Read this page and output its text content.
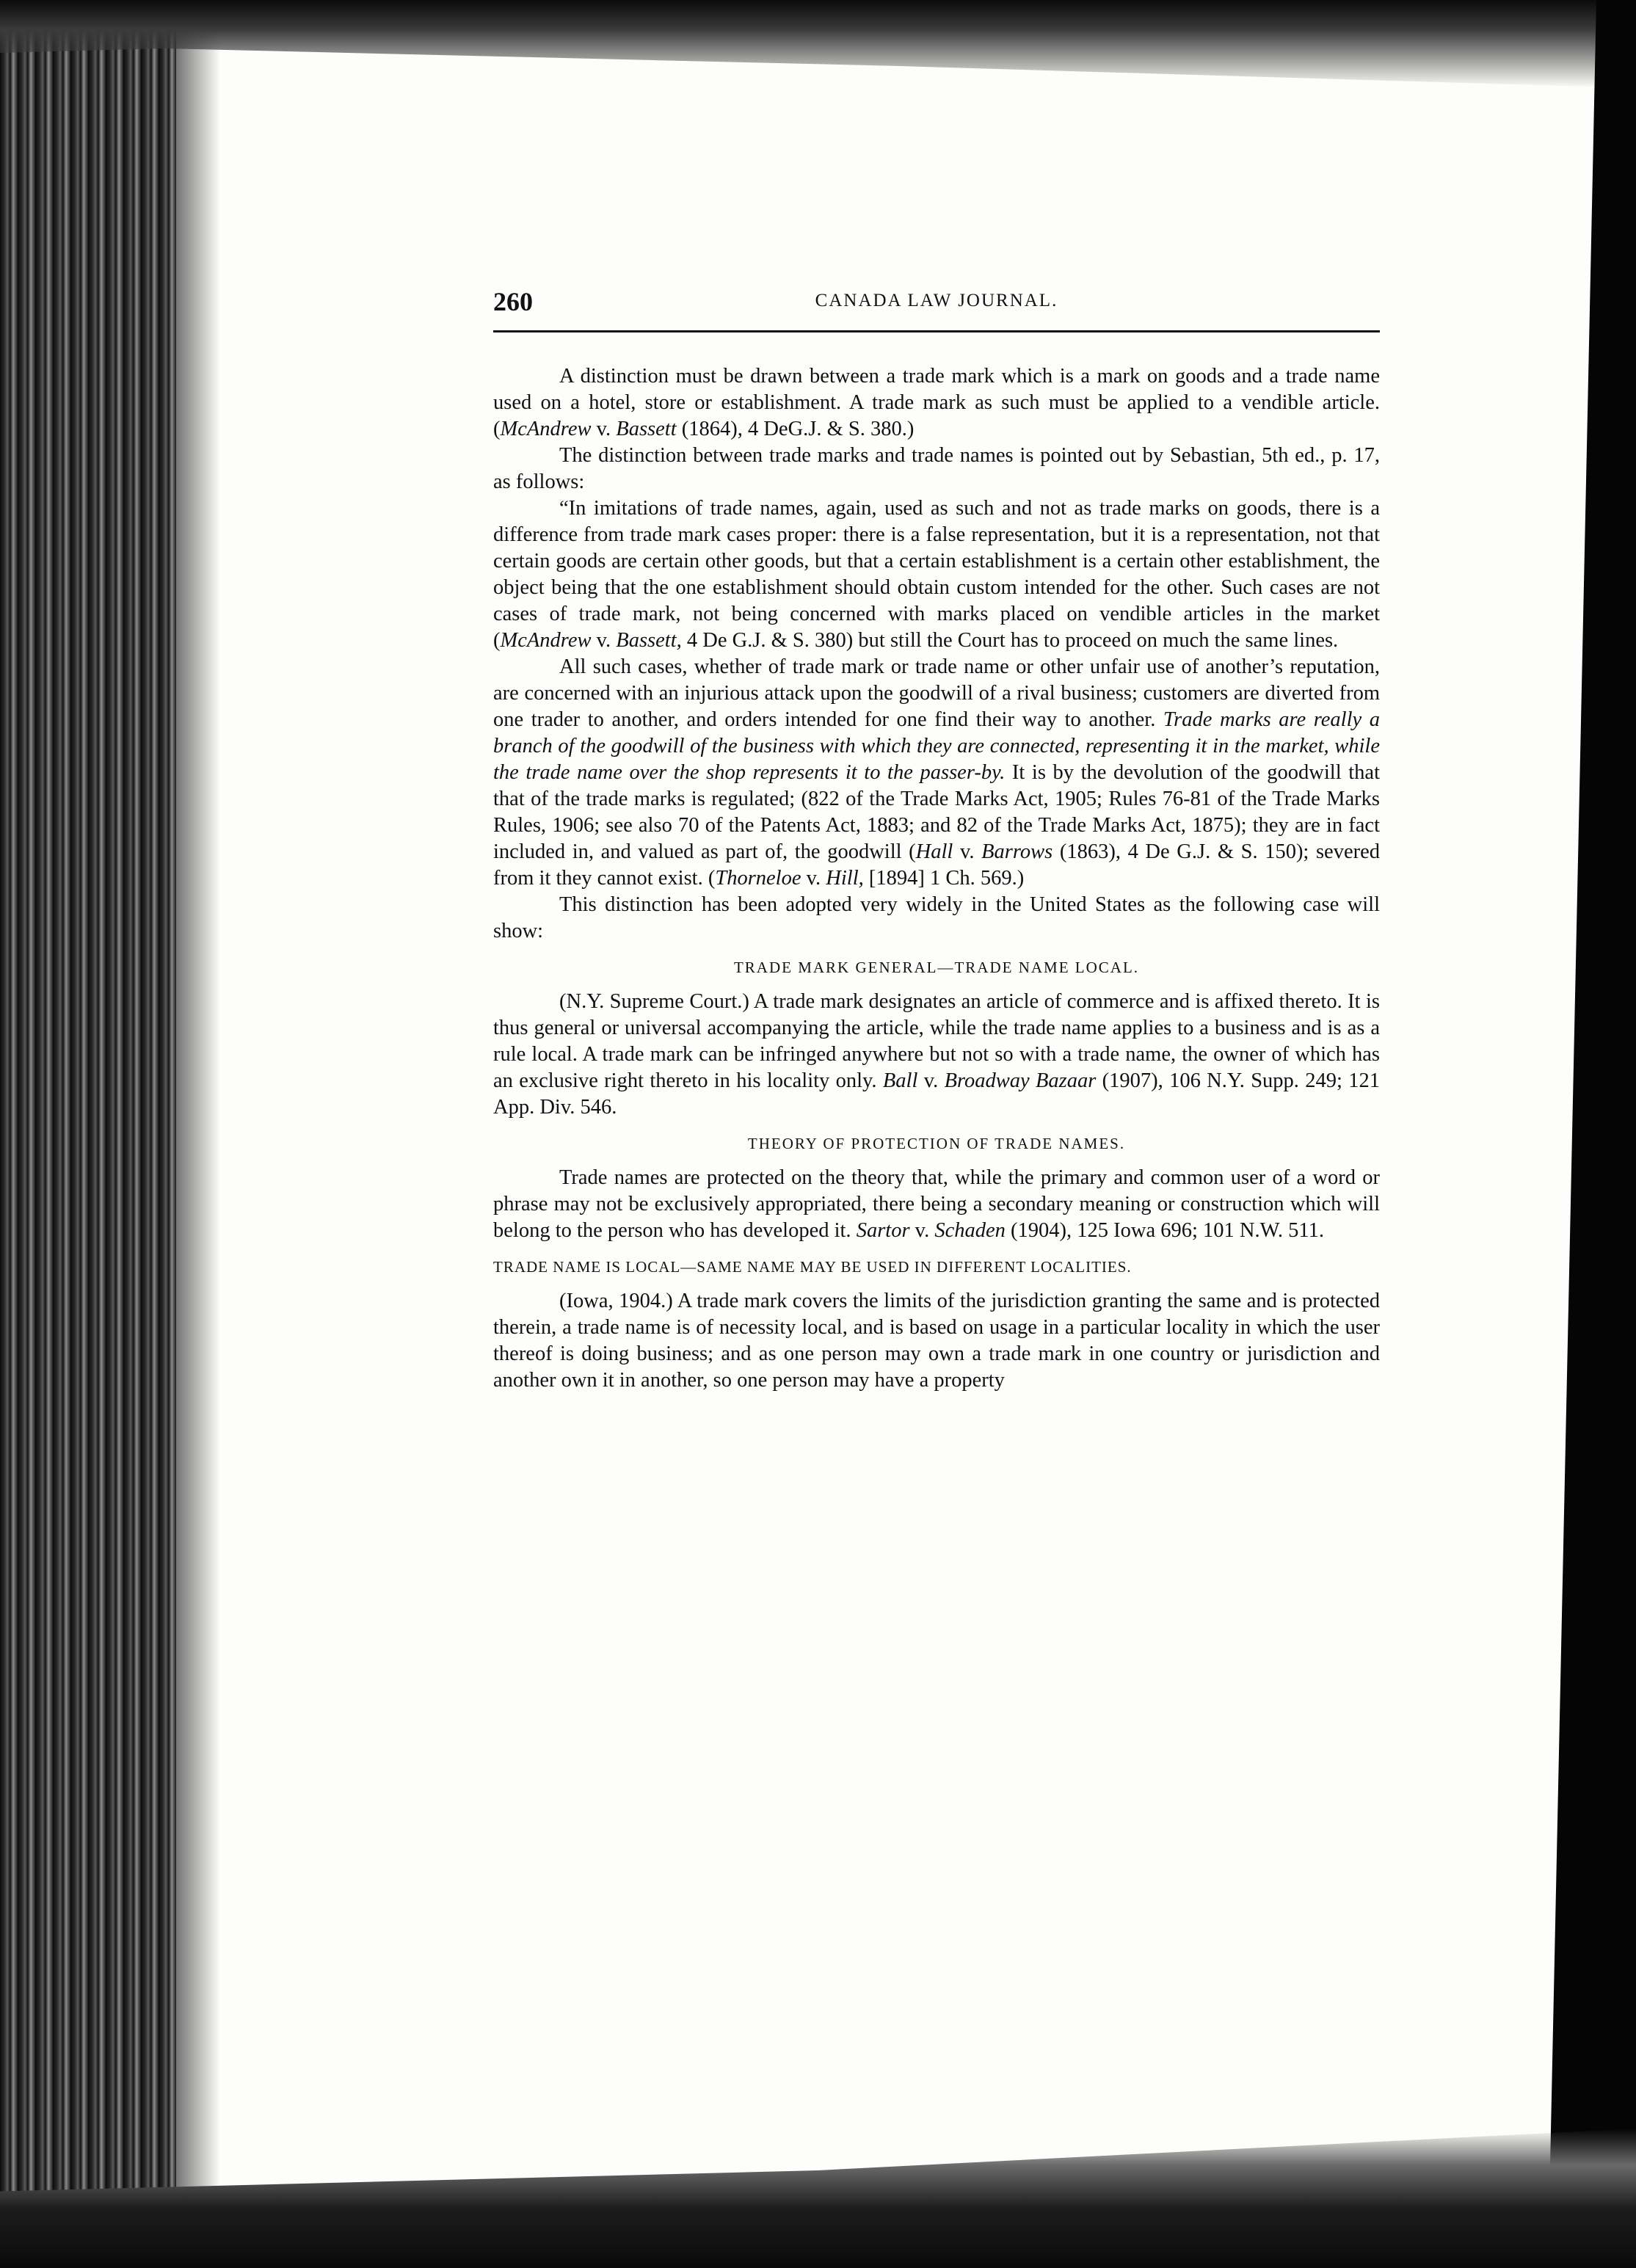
260	CANADA LAW JOURNAL.

A distinction must be drawn between a trade mark which is a mark on goods and a trade name used on a hotel, store or establishment. A trade mark as such must be applied to a vendible article. (McAndrew v. Bassett (1864), 4 DeG.J. & S. 380.)

The distinction between trade marks and trade names is pointed out by Sebastian, 5th ed., p. 17, as follows:

“In imitations of trade names, again, used as such and not as trade marks on goods, there is a difference from trade mark cases proper: there is a false representation, but it is a representation, not that certain goods are certain other goods, but that a certain establishment is a certain other establishment, the object being that the one establishment should obtain custom intended for the other. Such cases are not cases of trade mark, not being concerned with marks placed on vendible articles in the market (McAndrew v. Bassett, 4 De G.J. & S. 380) but still the Court has to proceed on much the same lines.

All such cases, whether of trade mark or trade name or other unfair use of another’s reputation, are concerned with an injurious attack upon the goodwill of a rival business; customers are diverted from one trader to another, and orders intended for one find their way to another. Trade marks are really a branch of the goodwill of the business with which they are connected, representing it in the market, while the trade name over the shop represents it to the passer-by. It is by the devolution of the goodwill that that of the trade marks is regulated; (822 of the Trade Marks Act, 1905; Rules 76-81 of the Trade Marks Rules, 1906; see also 70 of the Patents Act, 1883; and 82 of the Trade Marks Act, 1875); they are in fact included in, and valued as part of, the goodwill (Hall v. Barrows (1863), 4 De G.J. & S. 150); severed from it they cannot exist. (Thorneloe v. Hill, [1894] 1 Ch. 569.)

This distinction has been adopted very widely in the United States as the following case will show:

TRADE MARK GENERAL—TRADE NAME LOCAL.

(N.Y. Supreme Court.) A trade mark designates an article of commerce and is affixed thereto. It is thus general or universal accompanying the article, while the trade name applies to a business and is as a rule local. A trade mark can be infringed anywhere but not so with a trade name, the owner of which has an exclusive right thereto in his locality only. Ball v. Broadway Bazaar (1907), 106 N.Y. Supp. 249; 121 App. Div. 546.

THEORY OF PROTECTION OF TRADE NAMES.

Trade names are protected on the theory that, while the primary and common user of a word or phrase may not be exclusively appropriated, there being a secondary meaning or construction which will belong to the person who has developed it. Sartor v. Schaden (1904), 125 Iowa 696; 101 N.W. 511.

TRADE NAME IS LOCAL—SAME NAME MAY BE USED IN DIFFERENT LOCALITIES.

(Iowa, 1904.) A trade mark covers the limits of the jurisdiction granting the same and is protected therein, a trade name is of necessity local, and is based on usage in a particular locality in which the user thereof is doing business; and as one person may own a trade mark in one country or jurisdiction and another own it in another, so one person may have a property
